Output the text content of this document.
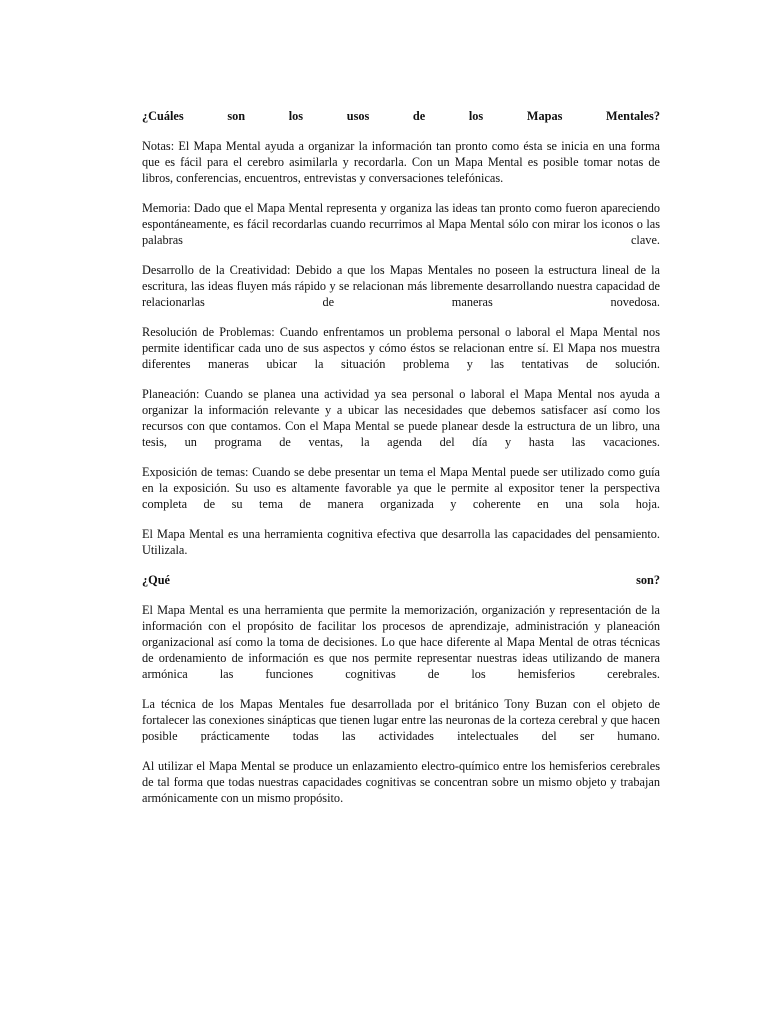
¿Cuáles son los usos de los Mapas Mentales?

Notas: El Mapa Mental ayuda a organizar la información tan pronto como ésta se inicia en una forma que es fácil para el cerebro asimilarla y recordarla. Con un Mapa Mental es posible tomar notas de libros, conferencias, encuentros, entrevistas y conversaciones telefónicas.

Memoria: Dado que el Mapa Mental representa y organiza las ideas tan pronto como fueron apareciendo espontáneamente, es fácil recordarlas cuando recurrimos al Mapa Mental sólo con mirar los iconos o las palabras clave.

Desarrollo de la Creatividad: Debido a que los Mapas Mentales no poseen la estructura lineal de la escritura, las ideas fluyen más rápido y se relacionan más libremente desarrollando nuestra capacidad de relacionarlas de maneras novedosa.

Resolución de Problemas: Cuando enfrentamos un problema personal o laboral el Mapa Mental nos permite identificar cada uno de sus aspectos y cómo éstos se relacionan entre sí. El Mapa nos muestra diferentes maneras ubicar la situación problema y las tentativas de solución.

Planeación: Cuando se planea una actividad ya sea personal o laboral el Mapa Mental nos ayuda a organizar la información relevante y a ubicar las necesidades que debemos satisfacer así como los recursos con que contamos. Con el Mapa Mental se puede planear desde la estructura de un libro, una tesis, un programa de ventas, la agenda del día y hasta las vacaciones.

Exposición de temas: Cuando se debe presentar un tema el Mapa Mental puede ser utilizado como guía en la exposición. Su uso es altamente favorable ya que le permite al expositor tener la perspectiva completa de su tema de manera organizada y coherente en una sola hoja.

El Mapa Mental es una herramienta cognitiva efectiva que desarrolla las capacidades del pensamiento. Utilizala.

¿Qué son?

El Mapa Mental es una herramienta que permite la memorización, organización y representación de la información con el propósito de facilitar los procesos de aprendizaje, administración y planeación organizacional así como la toma de decisiones. Lo que hace diferente al Mapa Mental de otras técnicas de ordenamiento de información es que nos permite representar nuestras ideas utilizando de manera armónica las funciones cognitivas de los hemisferios cerebrales.

La técnica de los Mapas Mentales fue desarrollada por el británico Tony Buzan con el objeto de fortalecer las conexiones sinápticas que tienen lugar entre las neuronas de la corteza cerebral y que hacen posible prácticamente todas las actividades intelectuales del ser humano.

Al utilizar el Mapa Mental se produce un enlazamiento electro-químico entre los hemisferios cerebrales de tal forma que todas nuestras capacidades cognitivas se concentran sobre un mismo objeto y trabajan armónicamente con un mismo propósito.
